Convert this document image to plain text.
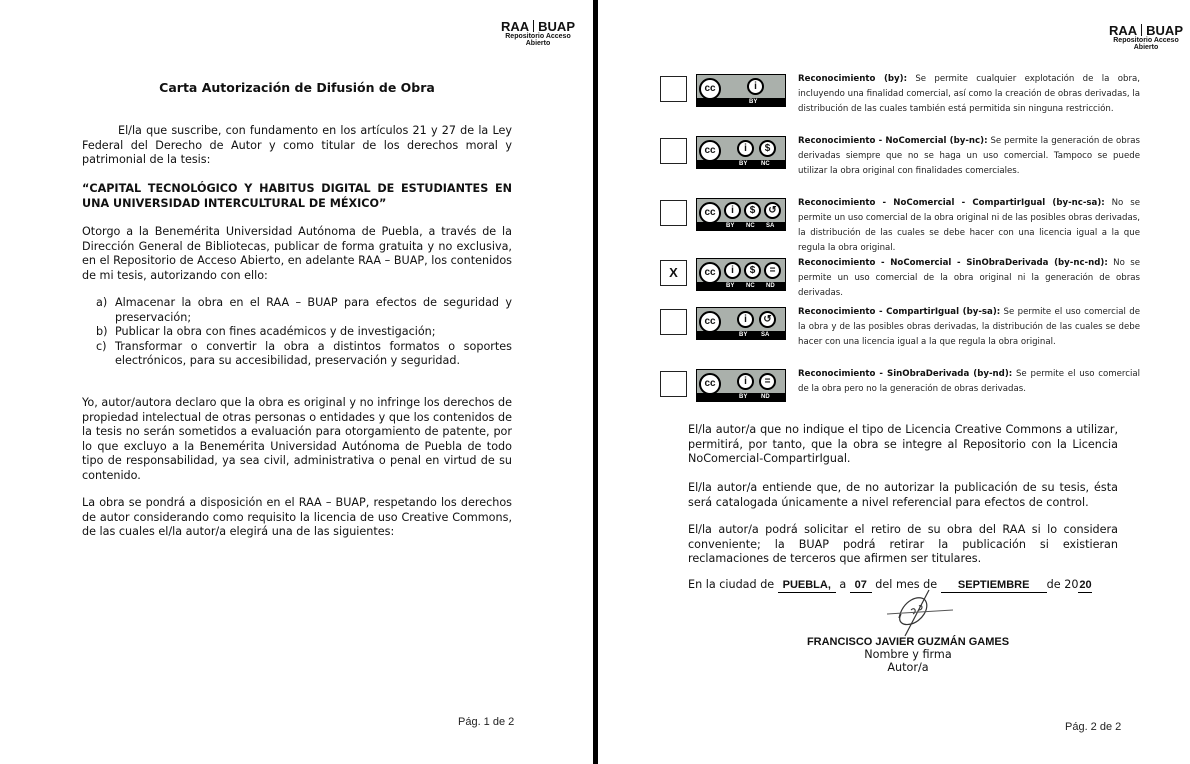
RAA BUAP
Repositorio Acceso
Abierto
Carta Autorización de Difusión de Obra
El/la que suscribe, con fundamento en los artículos 21 y 27 de la Ley Federal del Derecho de Autor y como titular de los derechos moral y patrimonial de la tesis:
“CAPITAL TECNOLÓGICO Y HABITUS DIGITAL DE ESTUDIANTES EN UNA UNIVERSIDAD INTERCULTURAL DE MÉXICO”
Otorgo a la Benemérita Universidad Autónoma de Puebla, a través de la Dirección General de Bibliotecas, publicar de forma gratuita y no exclusiva, en el Repositorio de Acceso Abierto, en adelante RAA – BUAP, los contenidos de mi tesis, autorizando con ello:
a) Almacenar la obra en el RAA – BUAP para efectos de seguridad y preservación;
b) Publicar la obra con fines académicos y de investigación;
c) Transformar o convertir la obra a distintos formatos o soportes electrónicos, para su accesibilidad, preservación y seguridad.
Yo, autor/autora declaro que la obra es original y no infringe los derechos de propiedad intelectual de otras personas o entidades y que los contenidos de la tesis no serán sometidos a evaluación para otorgamiento de patente, por lo que excluyo a la Benemérita Universidad Autónoma de Puebla de todo tipo de responsabilidad, ya sea civil, administrativa o penal en virtud de su contenido.
La obra se pondrá a disposición en el RAA – BUAP, respetando los derechos de autor considerando como requisito la licencia de uso Creative Commons, de las cuales el/la autor/a elegirá una de las siguientes:
Pág. 1 de 2
RAA BUAP
Repositorio Acceso
Abierto
cc	i
BY
Reconocimiento (by): Se permite cualquier explotación de la obra, incluyendo una finalidad comercial, así como la creación de obras derivadas, la distribución de las cuales también está permitida sin ninguna restricción.
cc	i	$
BY NC
Reconocimiento - NoComercial (by-nc): Se permite la generación de obras derivadas siempre que no se haga un uso comercial. Tampoco se puede utilizar la obra original con finalidades comerciales.
cc	i	$	↺
BY NC SA
Reconocimiento - NoComercial - CompartirIgual (by-nc-sa): No se permite un uso comercial de la obra original ni de las posibles obras derivadas, la distribución de las cuales se debe hacer con una licencia igual a la que regula la obra original.
X	cc	i	$	=
BY NC ND
Reconocimiento - NoComercial - SinObraDerivada (by-nc-nd): No se permite un uso comercial de la obra original ni la generación de obras derivadas.
cc	i	↺
BY SA
Reconocimiento - CompartirIgual (by-sa): Se permite el uso comercial de la obra y de las posibles obras derivadas, la distribución de las cuales se debe hacer con una licencia igual a la que regula la obra original.
cc	i	=
BY ND
Reconocimiento - SinObraDerivada (by-nd): Se permite el uso comercial de la obra pero no la generación de obras derivadas.
El/la autor/a que no indique el tipo de Licencia Creative Commons a utilizar, permitirá, por tanto, que la obra se integre al Repositorio con la Licencia NoComercial-CompartirIgual.
El/la autor/a entiende que, de no autorizar la publicación de su tesis, ésta será catalogada únicamente a nivel referencial para efectos de control.
El/la autor/a podrá solicitar el retiro de su obra del RAA si lo considera conveniente; la BUAP podrá retirar la publicación si existieran reclamaciones de terceros que afirmen ser titulares.
En la ciudad de PUEBLA, a 07 del mes de SEPTIEMBRE de 2020
FRANCISCO JAVIER GUZMÁN GAMES
Nombre y firma
Autor/a
Pág. 2 de 2
